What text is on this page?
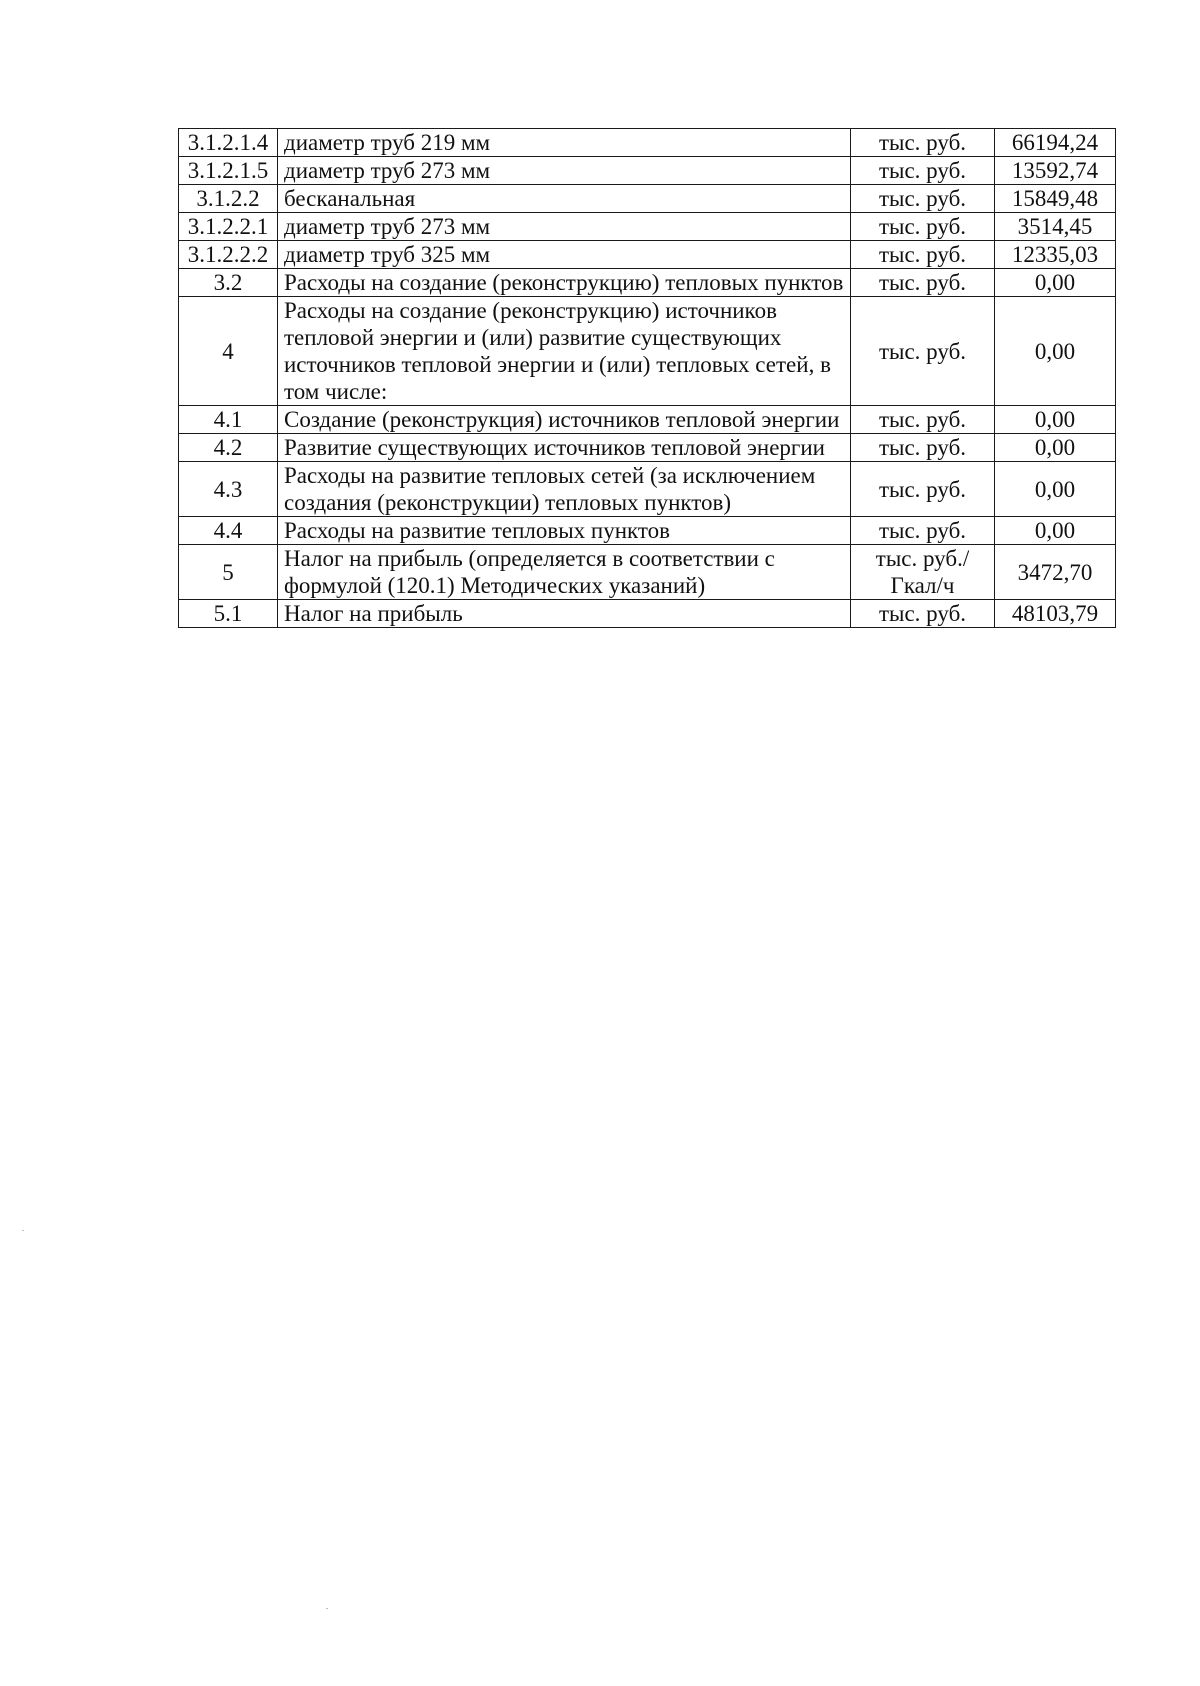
3.1.2.1.4	диаметр труб 219 мм	тыс. руб.	66194,24
3.1.2.1.5	диаметр труб 273 мм	тыс. руб.	13592,74
3.1.2.2	бесканальная	тыс. руб.	15849,48
3.1.2.2.1	диаметр труб 273 мм	тыс. руб.	3514,45
3.1.2.2.2	диаметр труб 325 мм	тыс. руб.	12335,03
3.2	Расходы на создание (реконструкцию) тепловых пунктов	тыс. руб.	0,00
4	Расходы на создание (реконструкцию) источников тепловой энергии и (или) развитие существующих источников тепловой энергии и (или) тепловых сетей, в том числе:	тыс. руб.	0,00
4.1	Создание (реконструкция) источников тепловой энергии	тыс. руб.	0,00
4.2	Развитие существующих источников тепловой энергии	тыс. руб.	0,00
4.3	Расходы на развитие тепловых сетей (за исключением создания (реконструкции) тепловых пунктов)	тыс. руб.	0,00
4.4	Расходы на развитие тепловых пунктов	тыс. руб.	0,00
5	Налог на прибыль (определяется в соответствии с формулой (120.1) Методических указаний)	тыс. руб./Гкал/ч	3472,70
5.1	Налог на прибыль	тыс. руб.	48103,79
